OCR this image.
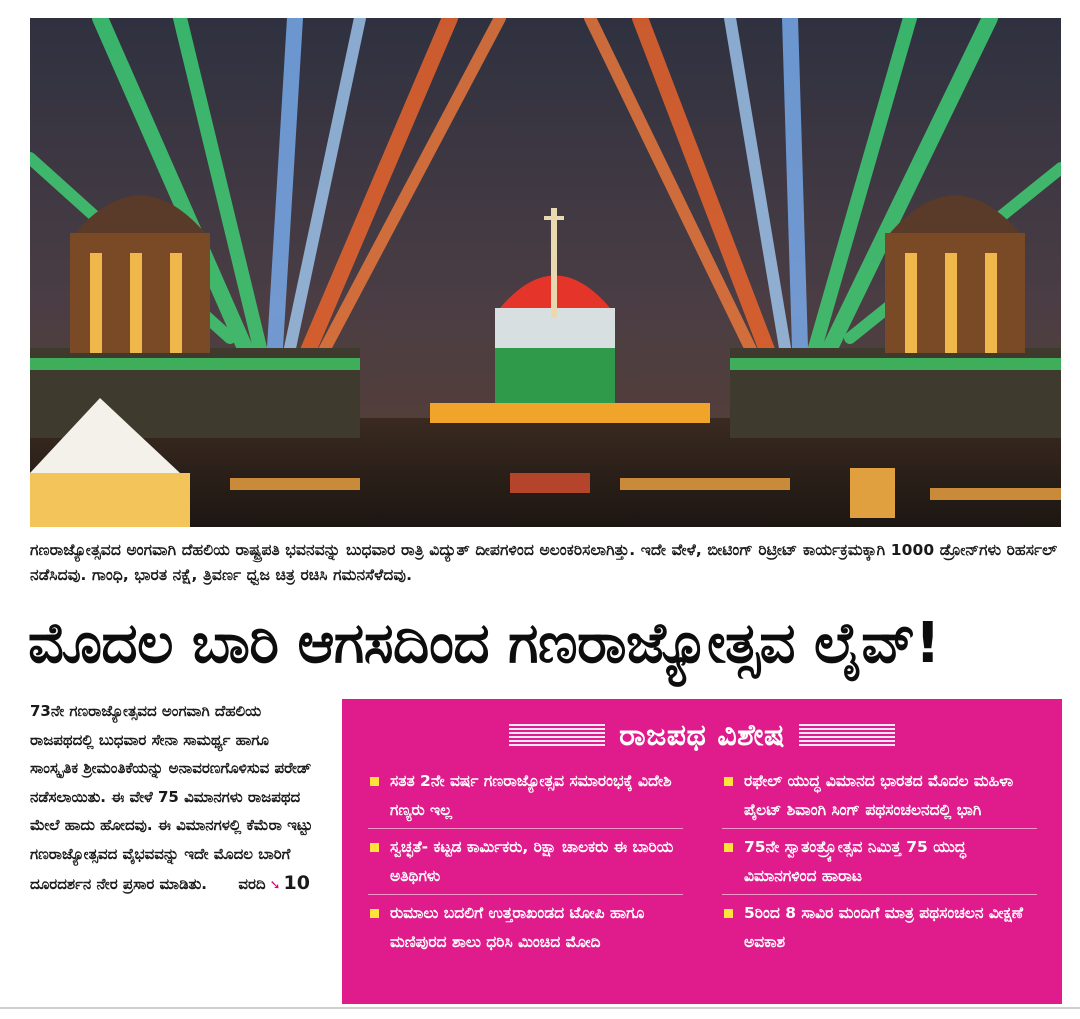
ಗಣರಾಜ್ಯೋತ್ಸವದ ಅಂಗವಾಗಿ ದೆಹಲಿಯ ರಾಷ್ಟ್ರಪತಿ ಭವನವನ್ನು ಬುಧವಾರ ರಾತ್ರಿ ವಿದ್ಯುತ್ ದೀಪಗಳಿಂದ ಅಲಂಕರಿಸಲಾಗಿತ್ತು. ಇದೇ ವೇಳೆ, ಬೀಟಿಂಗ್ ರಿಟ್ರೀಟ್ ಕಾರ್ಯಕ್ರಮಕ್ಕಾಗಿ 1000 ಡ್ರೋನ್‌ಗಳು ರಿಹರ್ಸಲ್ ನಡೆಸಿದವು. ಗಾಂಧಿ, ಭಾರತ ನಕ್ಷೆ, ತ್ರಿವರ್ಣ ಧ್ವಜ ಚಿತ್ರ ರಚಿಸಿ ಗಮನಸೆಳೆದವು.
ಮೊದಲ ಬಾರಿ ಆಗಸದಿಂದ ಗಣರಾಜ್ಯೋತ್ಸವ ಲೈವ್!
73ನೇ ಗಣರಾಜ್ಯೋತ್ಸವದ ಅಂಗವಾಗಿ ದೆಹಲಿಯ ರಾಜಪಥದಲ್ಲಿ ಬುಧವಾರ ಸೇನಾ ಸಾಮರ್ಥ್ಯ ಹಾಗೂ ಸಾಂಸ್ಕೃತಿಕ ಶ್ರೀಮಂತಿಕೆಯನ್ನು ಅನಾವರಣಗೊಳಿಸುವ ಪರೇಡ್ ನಡೆಸಲಾಯಿತು. ಈ ವೇಳೆ 75 ವಿಮಾನಗಳು ರಾಜಪಥದ ಮೇಲೆ ಹಾದು ಹೋದವು. ಈ ವಿಮಾನಗಳಲ್ಲಿ ಕೆಮೆರಾ ಇಟ್ಟು ಗಣರಾಜ್ಯೋತ್ಸವದ ವೈಭವವನ್ನು ಇದೇ ಮೊದಲ ಬಾರಿಗೆ ದೂರದರ್ಶನ ನೇರ ಪ್ರಸಾರ ಮಾಡಿತು. ವರದಿ ➘ 10
ರಾಜಪಥ ವಿಶೇಷ
ಸತತ 2ನೇ ವರ್ಷ ಗಣರಾಜ್ಯೋತ್ಸವ ಸಮಾರಂಭಕ್ಕೆ ವಿದೇಶಿ ಗಣ್ಯರು ಇಲ್ಲ
ಸ್ವಚ್ಛತೆ- ಕಟ್ಟಡ ಕಾರ್ಮಿಕರು, ರಿಕ್ಷಾ ಚಾಲಕರು ಈ ಬಾರಿಯ ಅತಿಥಿಗಳು
ರುಮಾಲು ಬದಲಿಗೆ ಉತ್ತರಾಖಂಡದ ಟೋಪಿ ಹಾಗೂ ಮಣಿಪುರದ ಶಾಲು ಧರಿಸಿ ಮಿಂಚಿದ ಮೋದಿ
ರಫೇಲ್ ಯುದ್ಧ ವಿಮಾನದ ಭಾರತದ ಮೊದಲ ಮಹಿಳಾ ಪೈಲಟ್ ಶಿವಾಂಗಿ ಸಿಂಗ್ ಪಥಸಂಚಲನದಲ್ಲಿ ಭಾಗಿ
75ನೇ ಸ್ವಾತಂತ್ರ್ಯೋತ್ಸವ ನಿಮಿತ್ತ 75 ಯುದ್ಧ ವಿಮಾನಗಳಿಂದ ಹಾರಾಟ
5ರಿಂದ 8 ಸಾವಿರ ಮಂದಿಗೆ ಮಾತ್ರ ಪಥಸಂಚಲನ ವೀಕ್ಷಣೆ ಅವಕಾಶ
